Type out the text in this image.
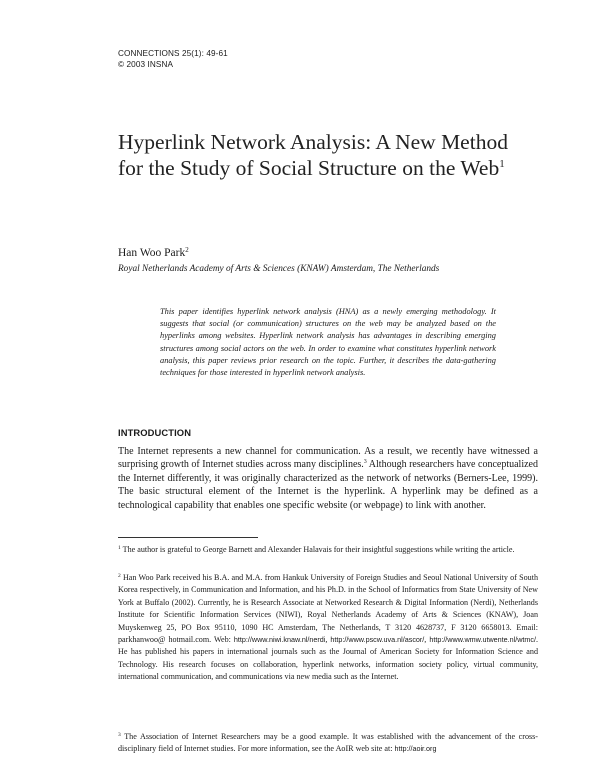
CONNECTIONS 25(1): 49-61
© 2003 INSNA
Hyperlink Network Analysis: A New Method
for the Study of Social Structure on the Web$^1$
Han Woo Park$^2$
Royal Netherlands Academy of Arts & Sciences (KNAW) Amsterdam, The Netherlands
This paper identifies hyperlink network analysis (HNA) as a newly emerging methodology. It suggests that social (or communication) structures on the web may be analyzed based on the hyperlinks among websites. Hyperlink network analysis has advantages in describing emerging structures among social actors on the web. In order to examine what constitutes hyperlink network analysis, this paper reviews prior research on the topic. Further, it describes the data-gathering techniques for those interested in hyperlink network analysis.
INTRODUCTION
The Internet represents a new channel for communication. As a result, we recently have witnessed a surprising growth of Internet studies across many disciplines.$^3$ Although researchers have conceptualized the Internet differently, it was originally characterized as the network of networks (Berners-Lee, 1999). The basic structural element of the Internet is the hyperlink. A hyperlink may be defined as a technological capability that enables one specific website (or webpage) to link with another.
$^1$ The author is grateful to George Barnett and Alexander Halavais for their insightful suggestions while writing the article.
$^2$ Han Woo Park received his B.A. and M.A. from Hankuk University of Foreign Studies and Seoul National University of South Korea respectively, in Communication and Information, and his Ph.D. in the School of Informatics from State University of New York at Buffalo (2002). Currently, he is Research Associate at Networked Research & Digital Information (Nerdi), Netherlands Institute for Scientific Information Services (NIWI), Royal Netherlands Academy of Arts & Sciences (KNAW), Joan Muyskenweg 25, PO Box 95110, 1090 HC Amsterdam, The Netherlands, T 3120 4628737, F 3120 6658013. Email: parkhanwoo@ hotmail.com. Web: http://www.niwi.knaw.nl/nerdi, http://www.pscw.uva.nl/ascor/, http://www.wmw.utwente.nl/wtmc/. He has published his papers in international journals such as the Journal of American Society for Information Science and Technology. His research focuses on collaboration, hyperlink networks, information society policy, virtual community, international communication, and communications via new media such as the Internet.
$^3$ The Association of Internet Researchers may be a good example. It was established with the advancement of the cross-disciplinary field of Internet studies. For more information, see the AoIR web site at: http://aoir.org
